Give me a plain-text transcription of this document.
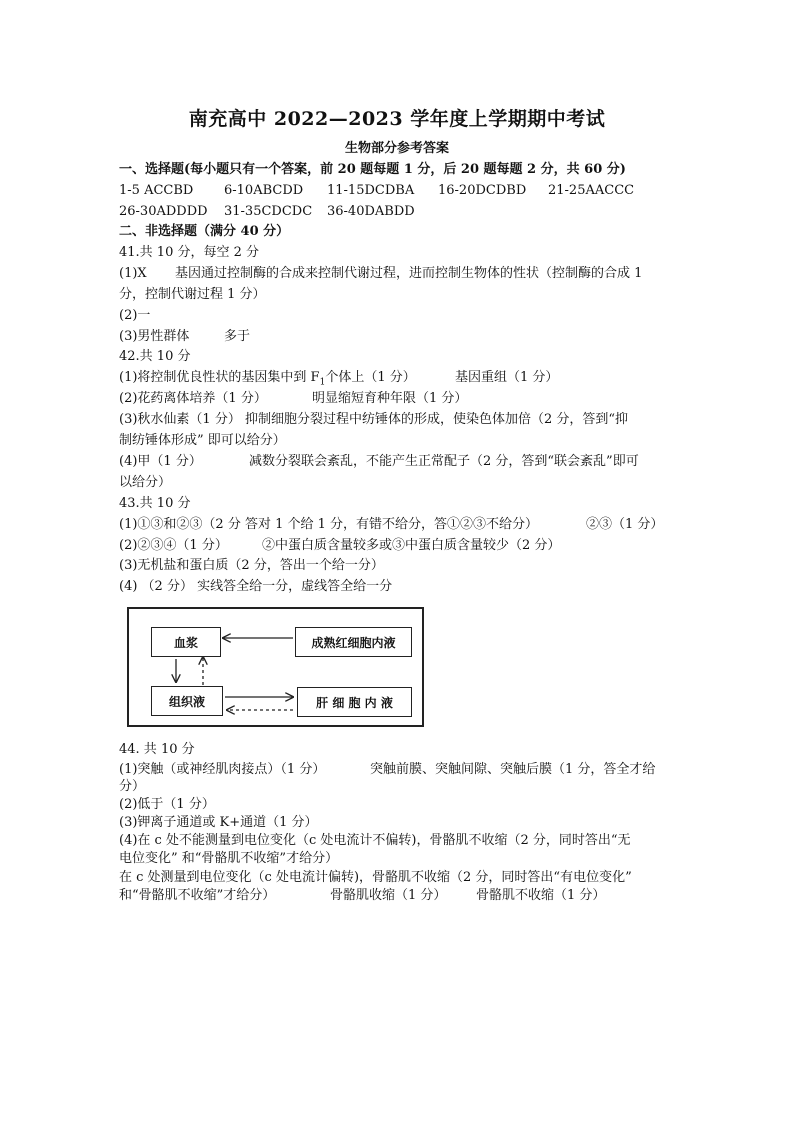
南充高中 2022—2023 学年度上学期期中考试
生物部分参考答案
一、选择题(每小题只有一个答案，前 20 题每题 1 分，后 20 题每题 2 分，共 60 分)
1-5 ACCBD 6-10ABCDD 11-15DCDBA 16-20DCDBD 21-25AACCC
26-30ADDDD 31-35CDCDC 36-40DABDD
二、非选择题（满分 40 分）
41.共 10 分，每空 2 分
(1)X 基因通过控制酶的合成来控制代谢过程，进而控制生物体的性状（控制酶的合成 1
分，控制代谢过程 1 分）
(2)一
(3)男性群体	多于
42.共 10 分
(1)将控制优良性状的基因集中到 $F_1$个体上（1 分）	基因重组（1 分）
(2)花药离体培养（1 分）	明显缩短育种年限（1 分）
(3)秋水仙素（1 分） 抑制细胞分裂过程中纺锤体的形成，使染色体加倍（2 分，答到“抑
制纺锤体形成” 即可以给分）
(4)甲（1 分）	减数分裂联会紊乱，不能产生正常配子（2 分，答到“联会紊乱”即可
以给分）
43.共 10 分
(1)①③和②③（2 分 答对 1 个给 1 分，有错不给分，答①②③不给分）	②③（1 分）
(2)②③④（1 分）	②中蛋白质含量较多或③中蛋白质含量较少（2 分）
(3)无机盐和蛋白质（2 分，答出一个给一分）
(4) （2 分） 实线答全给一分，虚线答全给一分
血浆	成熟红细胞内液
组织液	肝 细 胞 内 液
44. 共 10 分
(1)突触（或神经肌肉接点）（1 分）	突触前膜、突触间隙、突触后膜（1 分，答全才给
分）
(2)低于（1 分）
(3)钾离子通道或 K+通道（1 分）
(4)在 c 处不能测量到电位变化（c 处电流计不偏转)，骨骼肌不收缩（2 分，同时答出“无
电位变化” 和“骨骼肌不收缩”才给分）
在 c 处测量到电位变化（c 处电流计偏转)，骨骼肌不收缩（2 分，同时答出“有电位变化”
和“骨骼肌不收缩”才给分）	骨骼肌收缩（1 分） 骨骼肌不收缩（1 分）
